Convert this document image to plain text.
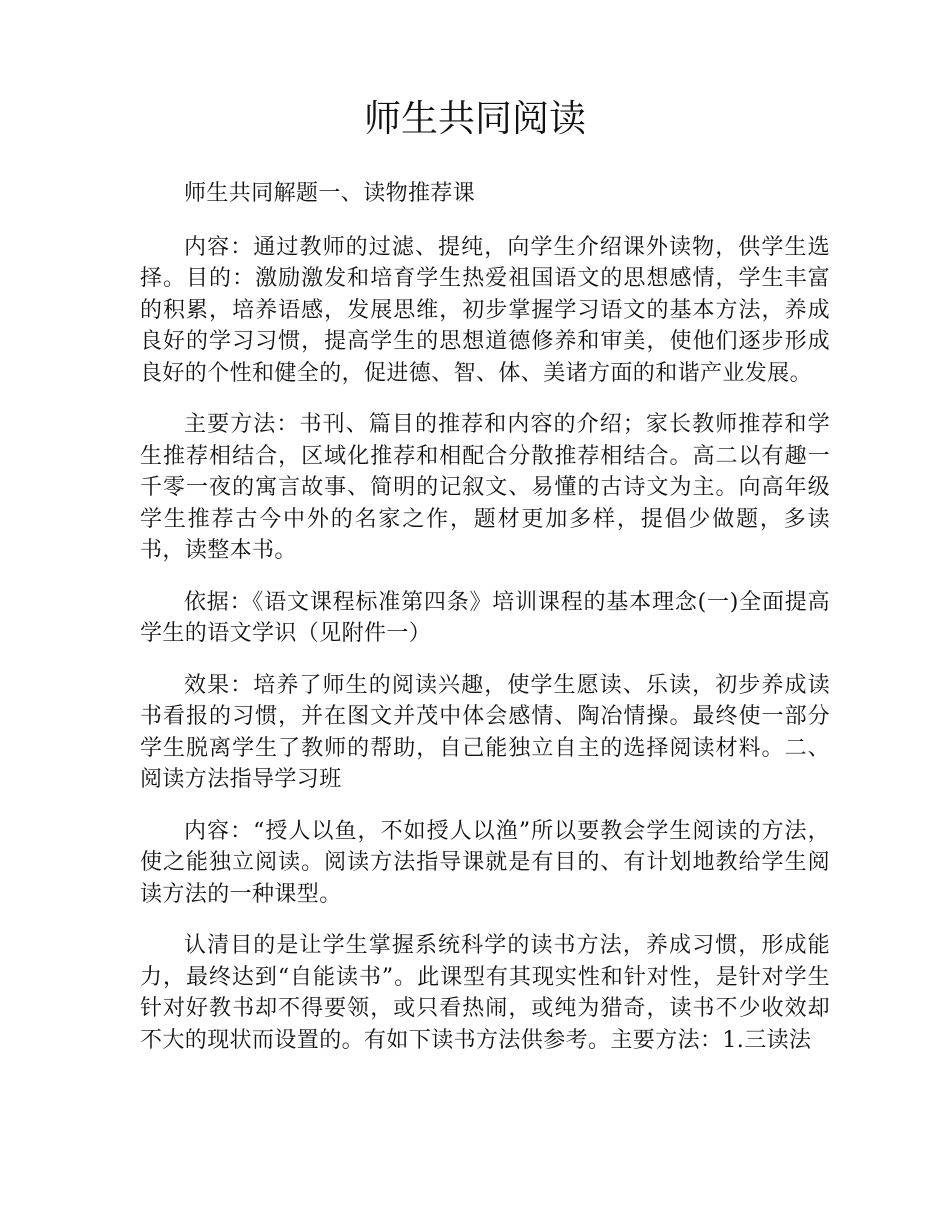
师生共同阅读

师生共同解题一、读物推荐课

内容：通过教师的过滤、提纯，向学生介绍课外读物，供学生选择。目的：激励激发和培育学生热爱祖国语文的思想感情，学生丰富的积累，培养语感，发展思维，初步掌握学习语文的基本方法，养成良好的学习习惯，提高学生的思想道德修养和审美，使他们逐步形成良好的个性和健全的，促进德、智、体、美诸方面的和谐产业发展。

主要方法：书刊、篇目的推荐和内容的介绍；家长教师推荐和学生推荐相结合，区域化推荐和相配合分散推荐相结合。高二以有趣一千零一夜的寓言故事、简明的记叙文、易懂的古诗文为主。向高年级学生推荐古今中外的名家之作，题材更加多样，提倡少做题，多读书，读整本书。

依据：《语文课程标准第四条》培训课程的基本理念(一)全面提高学生的语文学识（见附件一）

效果：培养了师生的阅读兴趣，使学生愿读、乐读，初步养成读书看报的习惯，并在图文并茂中体会感情、陶冶情操。最终使一部分学生脱离学生了教师的帮助，自己能独立自主的选择阅读材料。二、阅读方法指导学习班

内容：“授人以鱼，不如授人以渔”所以要教会学生阅读的方法，使之能独立阅读。阅读方法指导课就是有目的、有计划地教给学生阅读方法的一种课型。

认清目的是让学生掌握系统科学的读书方法，养成习惯，形成能力，最终达到“自能读书”。此课型有其现实性和针对性，是针对学生针对好教书却不得要领，或只看热闹，或纯为猎奇，读书不少收效却不大的现状而设置的。有如下读书方法供参考。主要方法：1.三读法
